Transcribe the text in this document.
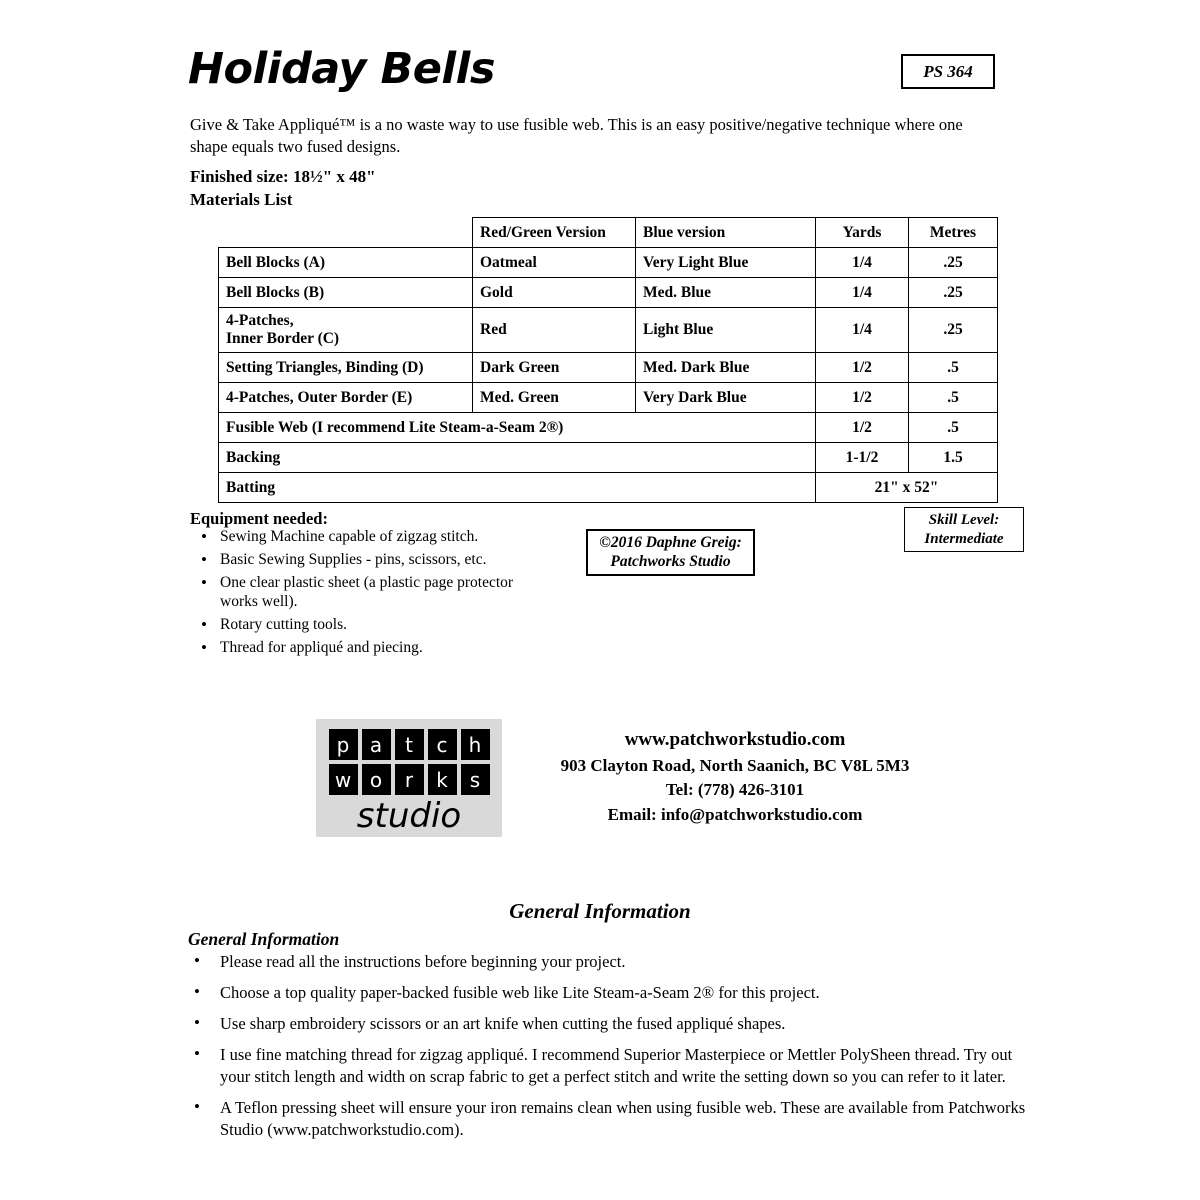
Holiday Bells	PS 364
Give & Take Appliqué™ is a no waste way to use fusible web. This is an easy positive/negative technique where one shape equals two fused designs.
Finished size: 18½" x 48"
Materials List
	Red/Green Version	Blue version	Yards	Metres
Bell Blocks (A)	Oatmeal	Very Light Blue	1/4	.25
Bell Blocks (B)	Gold	Med. Blue	1/4	.25
4-Patches,
Inner Border (C)	Red	Light Blue	1/4	.25
Setting Triangles, Binding (D)	Dark Green	Med. Dark Blue	1/2	.5
4-Patches, Outer Border (E)	Med. Green	Very Dark Blue	1/2	.5
Fusible Web (I recommend Lite Steam-a-Seam 2®)			1/2	.5
Backing			1-1/2	1.5
Batting			21" x 52"	
Equipment needed:
• Sewing Machine capable of zigzag stitch.
• Basic Sewing Supplies - pins, scissors, etc.
• One clear plastic sheet (a plastic page protector works well).
• Rotary cutting tools.
• Thread for appliqué and piecing.
©2016 Daphne Greig:
Patchworks Studio
Skill Level:
Intermediate
p	a	t	c	h
w o	r	k	s
studio
www.patchworkstudio.com
903 Clayton Road, North Saanich, BC V8L 5M3
Tel: (778) 426-3101
Email: info@patchworkstudio.com
General Information
General Information
• Please read all the instructions before beginning your project.
• Choose a top quality paper-backed fusible web like Lite Steam-a-Seam 2® for this project.
• Use sharp embroidery scissors or an art knife when cutting the fused appliqué shapes.
• I use fine matching thread for zigzag appliqué. I recommend Superior Masterpiece or Mettler PolySheen thread. Try out your stitch length and width on scrap fabric to get a perfect stitch and write the setting down so you can refer to it later.
• A Teflon pressing sheet will ensure your iron remains clean when using fusible web. These are available from Patchworks Studio (www.patchworkstudio.com).
